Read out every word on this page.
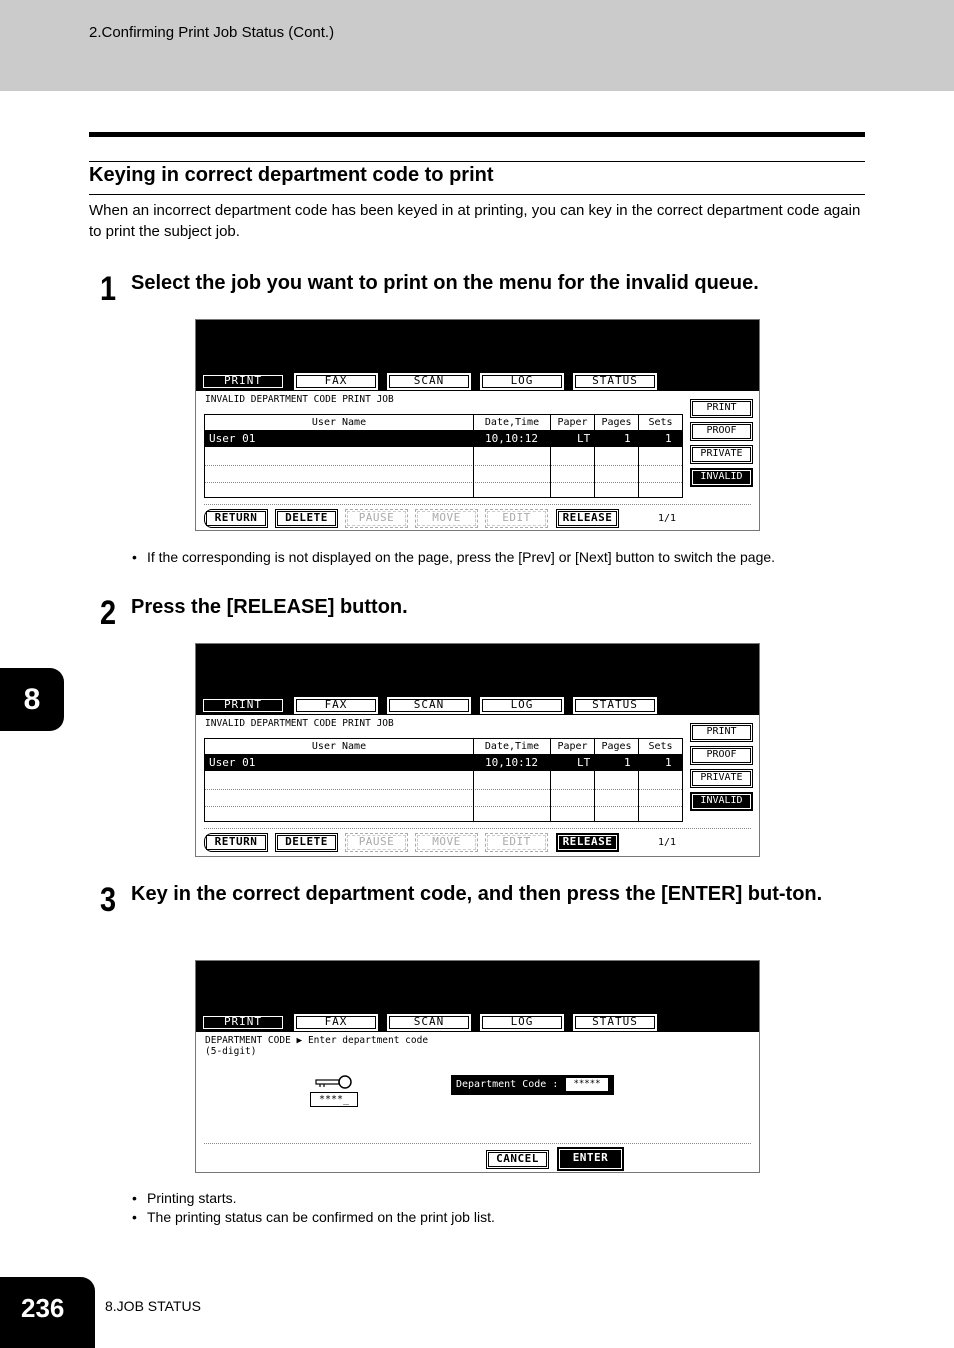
2.Confirming Print Job Status (Cont.)
Keying in correct department code to print
When an incorrect department code has been keyed in at printing, you can key in the correct department code again to print the subject job.
1 Select the job you want to print on the menu for the invalid queue.
PRINT	FAX	SCAN	LOG	STATUS
INVALID DEPARTMENT CODE PRINT JOB
User Name	Date,Time	Paper	Pages	Sets
User 01	10,10:12	LT	1	1
PRINT
PROOF
PRIVATE
INVALID
RETURN	DELETE	PAUSE	MOVE	EDIT	RELEASE	1/1
• If the corresponding is not displayed on the page, press the [Prev] or [Next] button to switch the page.
2 Press the [RELEASE] button.
PRINT	FAX	SCAN	LOG	STATUS
INVALID DEPARTMENT CODE PRINT JOB
User Name	Date,Time	Paper	Pages	Sets
User 01	10,10:12	LT	1	1
PRINT
PROOF
PRIVATE
INVALID
RETURN	DELETE	PAUSE	MOVE	EDIT	RELEASE	1/1
3 Key in the correct department code, and then press the [ENTER] but-ton.
PRINT	FAX	SCAN	LOG	STATUS
DEPARTMENT CODE ▶ Enter department code
(5-digit)
****_
Department Code :	*****
CANCEL	ENTER
• Printing starts.
• The printing status can be confirmed on the print job list.
8
236	8.JOB STATUS
